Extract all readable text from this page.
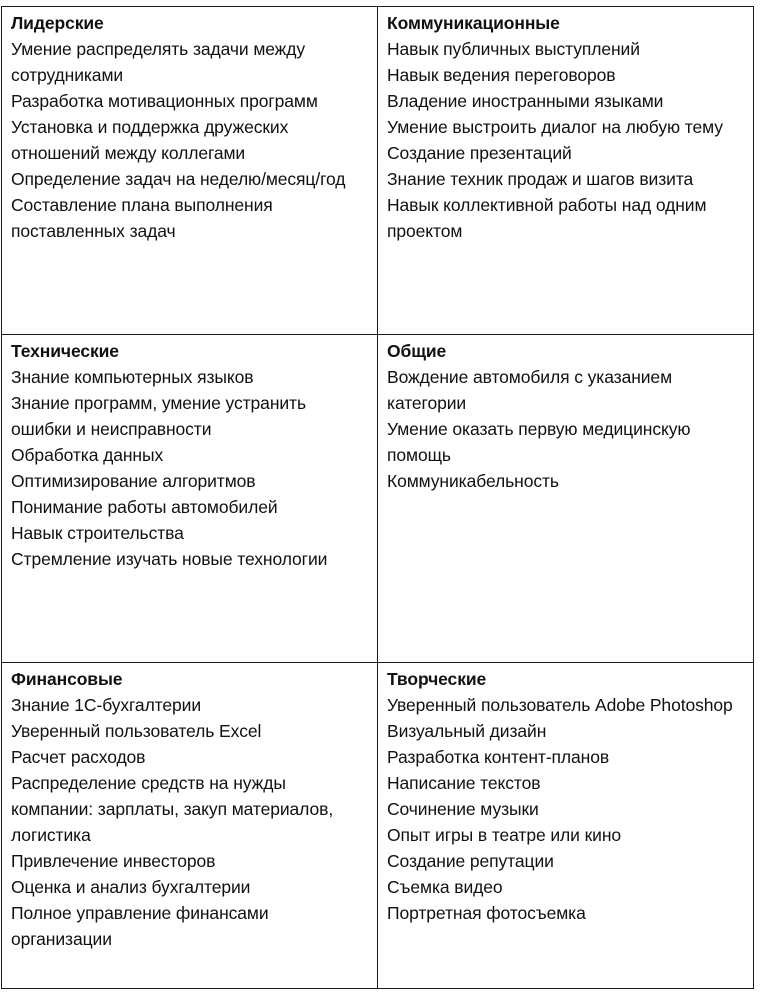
Лидерские
Умение распределять задачи между сотрудниками
Разработка мотивационных программ
Установка и поддержка дружеских отношений между коллегами
Определение задач на неделю/месяц/год
Составление плана выполнения поставленных задач
Коммуникационные
Навык публичных выступлений
Навык ведения переговоров
Владение иностранными языками
Умение выстроить диалог на любую тему
Создание презентаций
Знание техник продаж и шагов визита
Навык коллективной работы над одним проектом
Технические
Знание компьютерных языков
Знание программ, умение устранить ошибки и неисправности
Обработка данных
Оптимизирование алгоритмов
Понимание работы автомобилей
Навык строительства
Стремление изучать новые технологии
Общие
Вождение автомобиля с указанием категории
Умение оказать первую медицинскую помощь
Коммуникабельность
Финансовые
Знание 1С-бухгалтерии
Уверенный пользователь Excel
Расчет расходов
Распределение средств на нужды компании: зарплаты, закуп материалов, логистика
Привлечение инвесторов
Оценка и анализ бухгалтерии
Полное управление финансами организации
Творческие
Уверенный пользователь Adobe Photoshop
Визуальный дизайн
Разработка контент-планов
Написание текстов
Сочинение музыки
Опыт игры в театре или кино
Создание репутации
Съемка видео
Портретная фотосъемка
